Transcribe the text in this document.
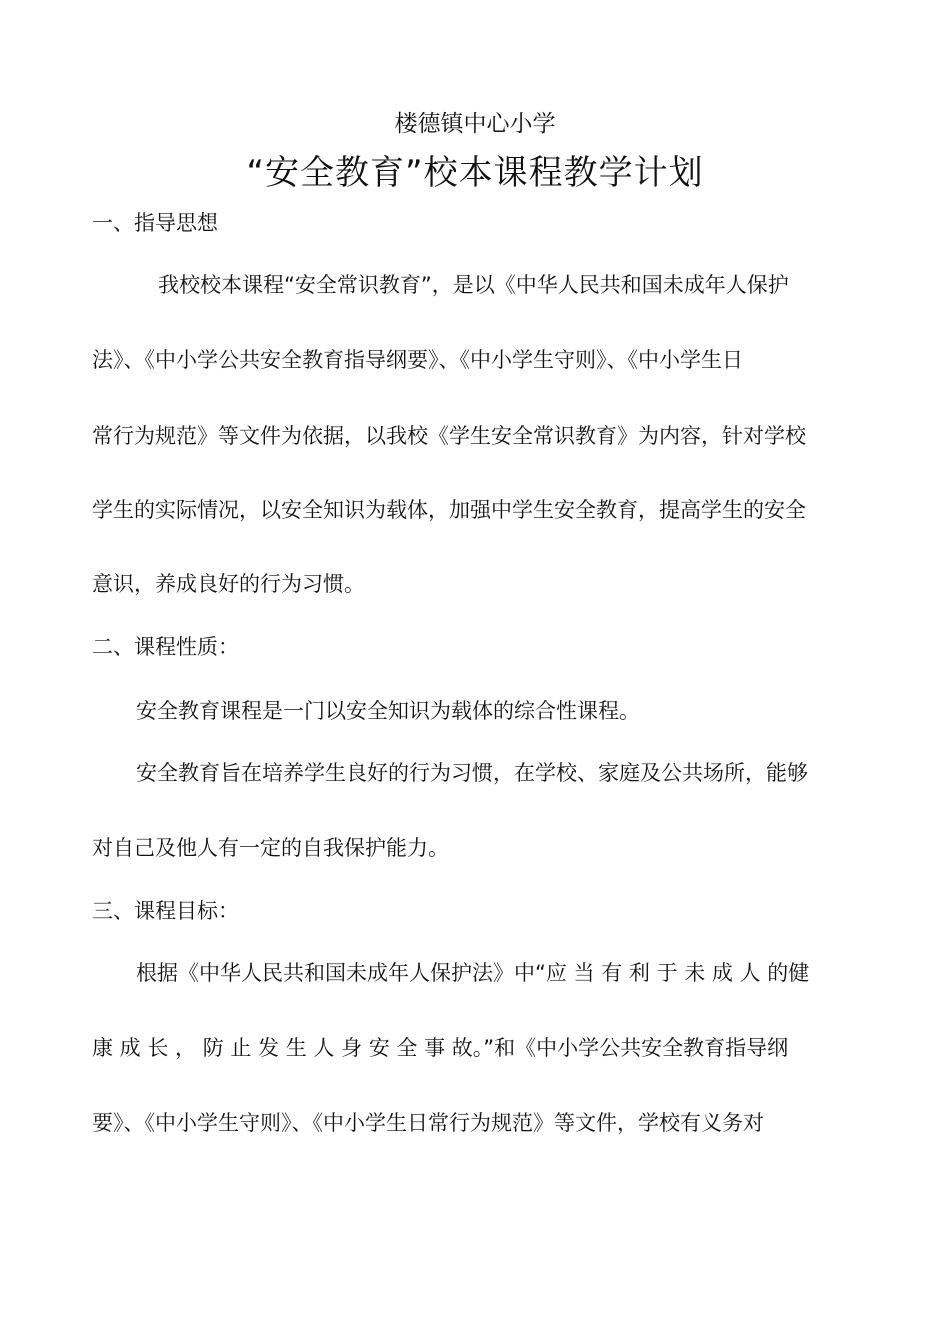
楼德镇中心小学
“安全教育”校本课程教学计划
一、指导思想
我校校本课程“安全常识教育”，是以《中华人民共和国未成年人保护
法》、《中小学公共安全教育指导纲要》、《中小学生守则》、《中小学生日
常行为规范》等文件为依据，以我校《学生安全常识教育》为内容，针对学校
学生的实际情况，以安全知识为载体，加强中学生安全教育，提高学生的安全
意识，养成良好的行为习惯。
二、课程性质：
安全教育课程是一门以安全知识为载体的综合性课程。
安全教育旨在培养学生良好的行为习惯，在学校、家庭及公共场所，能够
对自己及他人有一定的自我保护能力。
三、课程目标：
根据《中华人民共和国未成年人保护法》中“应 当 有 利 于 未 成 人 的健
康 成 长 ， 防 止 发 生 人 身 安 全 事 故。”和《中小学公共安全教育指导纲
要》、《中小学生守则》、《中小学生日常行为规范》等文件，学校有义务对
